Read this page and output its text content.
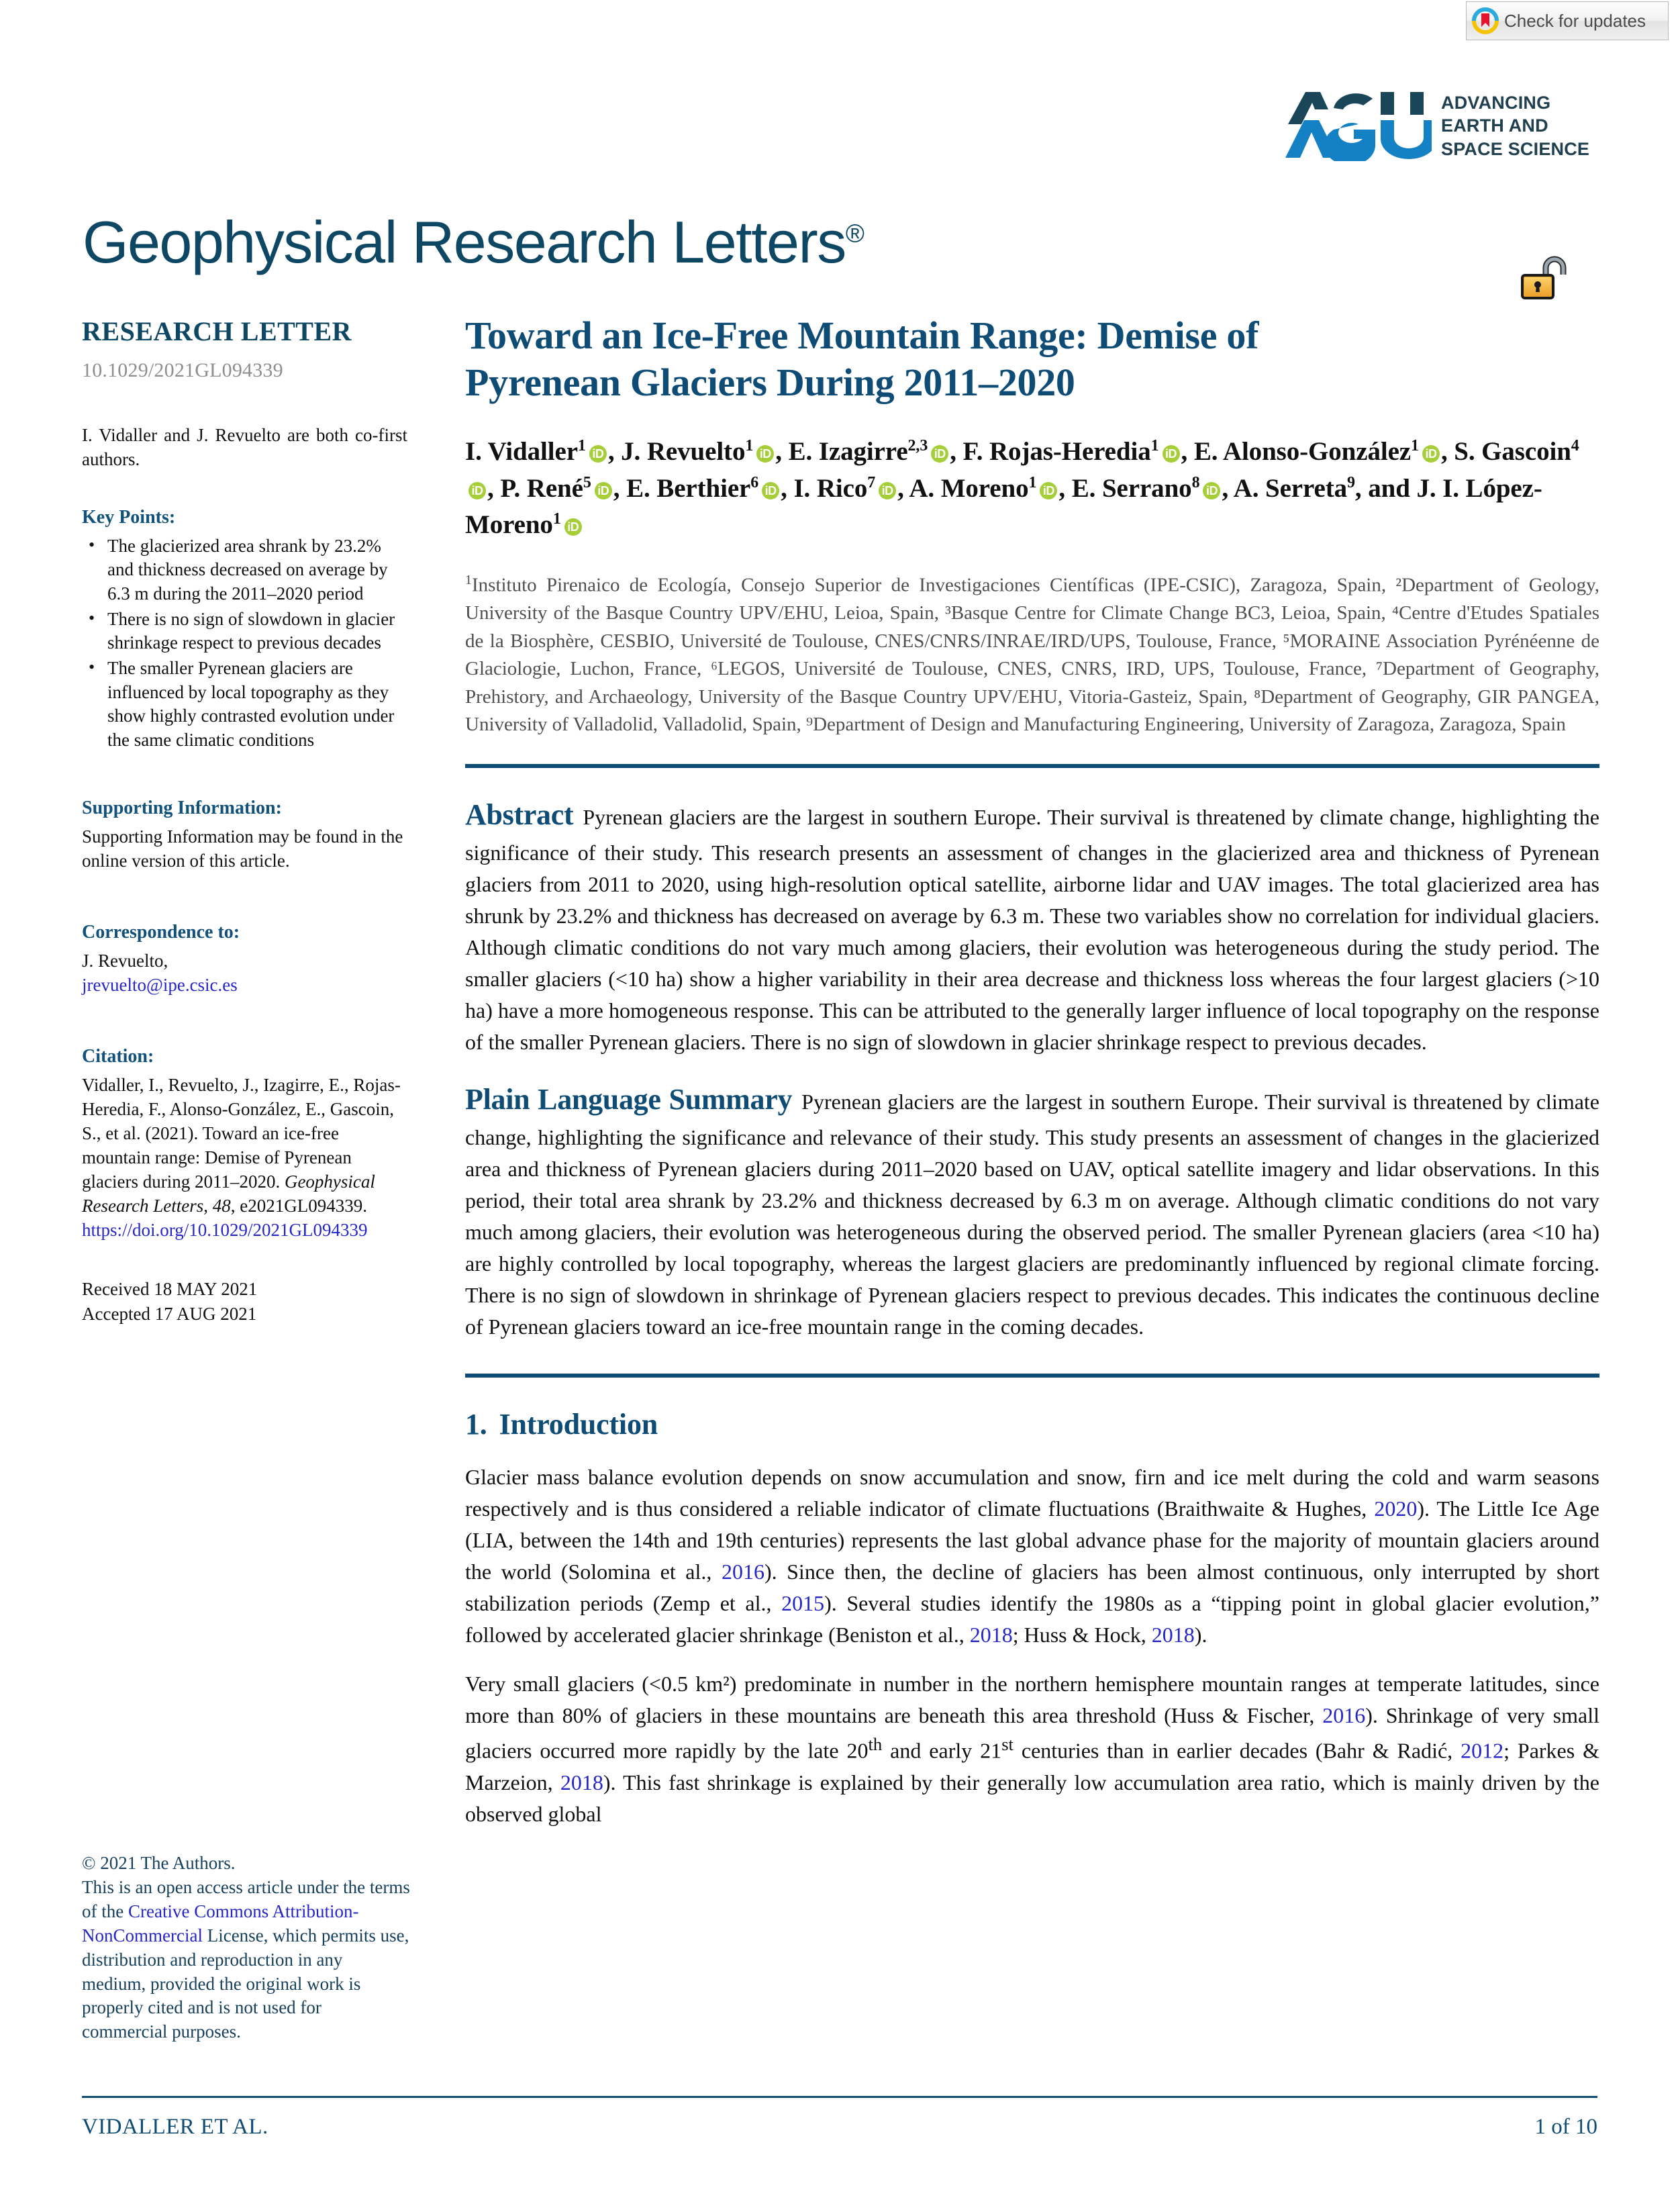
Check for updates
ADVANCING
EARTH AND
SPACE SCIENCE
Geophysical Research Letters®
RESEARCH LETTER
10.1029/2021GL094339
I. Vidaller and J. Revuelto are both co-first authors.
Key Points:
• The glacierized area shrank by 23.2% and thickness decreased on average by 6.3 m during the 2011–2020 period
• There is no sign of slowdown in glacier shrinkage respect to previous decades
• The smaller Pyrenean glaciers are influenced by local topography as they show highly contrasted evolution under the same climatic conditions
Supporting Information:

Supporting Information may be found in the online version of this article.

Correspondence to:

J. Revuelto,

jrevuelto@ipe.csic.es

Citation:

Vidaller, I., Revuelto, J., Izagirre, E., Rojas-Heredia, F., Alonso-González, E., Gascoin, S., et al. (2021). Toward an ice-free mountain range: Demise of Pyrenean glaciers during 2011–2020. Geophysical Research Letters, 48, e2021GL094339. https://doi.org/10.1029/2021GL094339

Received 18 MAY 2021
Accepted 17 AUG 2021
© 2021 The Authors.
This is an open access article under the terms of the Creative Commons Attribution-NonCommercial License, which permits use, distribution and reproduction in any medium, provided the original work is properly cited and is not used for commercial purposes.
Toward an Ice-Free Mountain Range: Demise of
Pyrenean Glaciers During 2011–2020
I. Vidaller$^1$ iD , J. Revuelto$^1$ iD , E. Izagirre$^{2,3}$ iD , F. Rojas-Heredia$^1$ iD , E. Alonso-González$^1$ iD , S. Gascoin$^4$iD , P. René$^5$ iD , E. Berthier$^6$ iD , I. Rico$^7$ iD , A. Moreno$^1$ iD , E. Serrano$^8$ iD , A. Serreta$^9$, and J. I. López-Moreno$^1$ iD
$^1$Instituto Pirenaico de Ecología, Consejo Superior de Investigaciones Científicas (IPE-CSIC), Zaragoza, Spain, ²Department of Geology, University of the Basque Country UPV/EHU, Leioa, Spain, ³Basque Centre for Climate Change BC3, Leioa, Spain, ⁴Centre d'Etudes Spatiales de la Biosphère, CESBIO, Université de Toulouse, CNES/CNRS/INRAE/IRD/UPS, Toulouse, France, ⁵MORAINE Association Pyrénéenne de Glaciologie, Luchon, France, ⁶LEGOS, Université de Toulouse, CNES, CNRS, IRD, UPS, Toulouse, France, ⁷Department of Geography, Prehistory, and Archaeology, University of the Basque Country UPV/EHU, Vitoria-Gasteiz, Spain, ⁸Department of Geography, GIR PANGEA, University of Valladolid, Valladolid, Spain, ⁹Department of Design and Manufacturing Engineering, University of Zaragoza, Zaragoza, Spain

Abstract Pyrenean glaciers are the largest in southern Europe. Their survival is threatened by climate change, highlighting the significance of their study. This research presents an assessment of changes in the glacierized area and thickness of Pyrenean glaciers from 2011 to 2020, using high-resolution optical satellite, airborne lidar and UAV images. The total glacierized area has shrunk by 23.2% and thickness has decreased on average by 6.3 m. These two variables show no correlation for individual glaciers. Although climatic conditions do not vary much among glaciers, their evolution was heterogeneous during the study period. The smaller glaciers (<10 ha) show a higher variability in their area decrease and thickness loss whereas the four largest glaciers (>10 ha) have a more homogeneous response. This can be attributed to the generally larger influence of local topography on the response of the smaller Pyrenean glaciers. There is no sign of slowdown in glacier shrinkage respect to previous decades.

Plain Language Summary Pyrenean glaciers are the largest in southern Europe. Their survival is threatened by climate change, highlighting the significance and relevance of their study. This study presents an assessment of changes in the glacierized area and thickness of Pyrenean glaciers during 2011–2020 based on UAV, optical satellite imagery and lidar observations. In this period, their total area shrank by 23.2% and thickness decreased by 6.3 m on average. Although climatic conditions do not vary much among glaciers, their evolution was heterogeneous during the observed period. The smaller Pyrenean glaciers (area <10 ha) are highly controlled by local topography, whereas the largest glaciers are predominantly influenced by regional climate forcing. There is no sign of slowdown in shrinkage of Pyrenean glaciers respect to previous decades. This indicates the continuous decline of Pyrenean glaciers toward an ice-free mountain range in the coming decades.

1. Introduction

Glacier mass balance evolution depends on snow accumulation and snow, firn and ice melt during the cold and warm seasons respectively and is thus considered a reliable indicator of climate fluctuations (Braithwaite & Hughes, 2020). The Little Ice Age (LIA, between the 14th and 19th centuries) represents the last global advance phase for the majority of mountain glaciers around the world (Solomina et al., 2016). Since then, the decline of glaciers has been almost continuous, only interrupted by short stabilization periods (Zemp et al., 2015). Several studies identify the 1980s as a “tipping point in global glacier evolution,” followed by accelerated glacier shrinkage (Beniston et al., 2018; Huss & Hock, 2018).

Very small glaciers (<0.5 km²) predominate in number in the northern hemisphere mountain ranges at temperate latitudes, since more than 80% of glaciers in these mountains are beneath this area threshold (Huss & Fischer, 2016). Shrinkage of very small glaciers occurred more rapidly by the late 20th and early 21st centuries than in earlier decades (Bahr & Radić, 2012; Parkes & Marzeion, 2018). This fast shrinkage is explained by their generally low accumulation area ratio, which is mainly driven by the observed global

VIDALLER ET AL.	1 of 10
